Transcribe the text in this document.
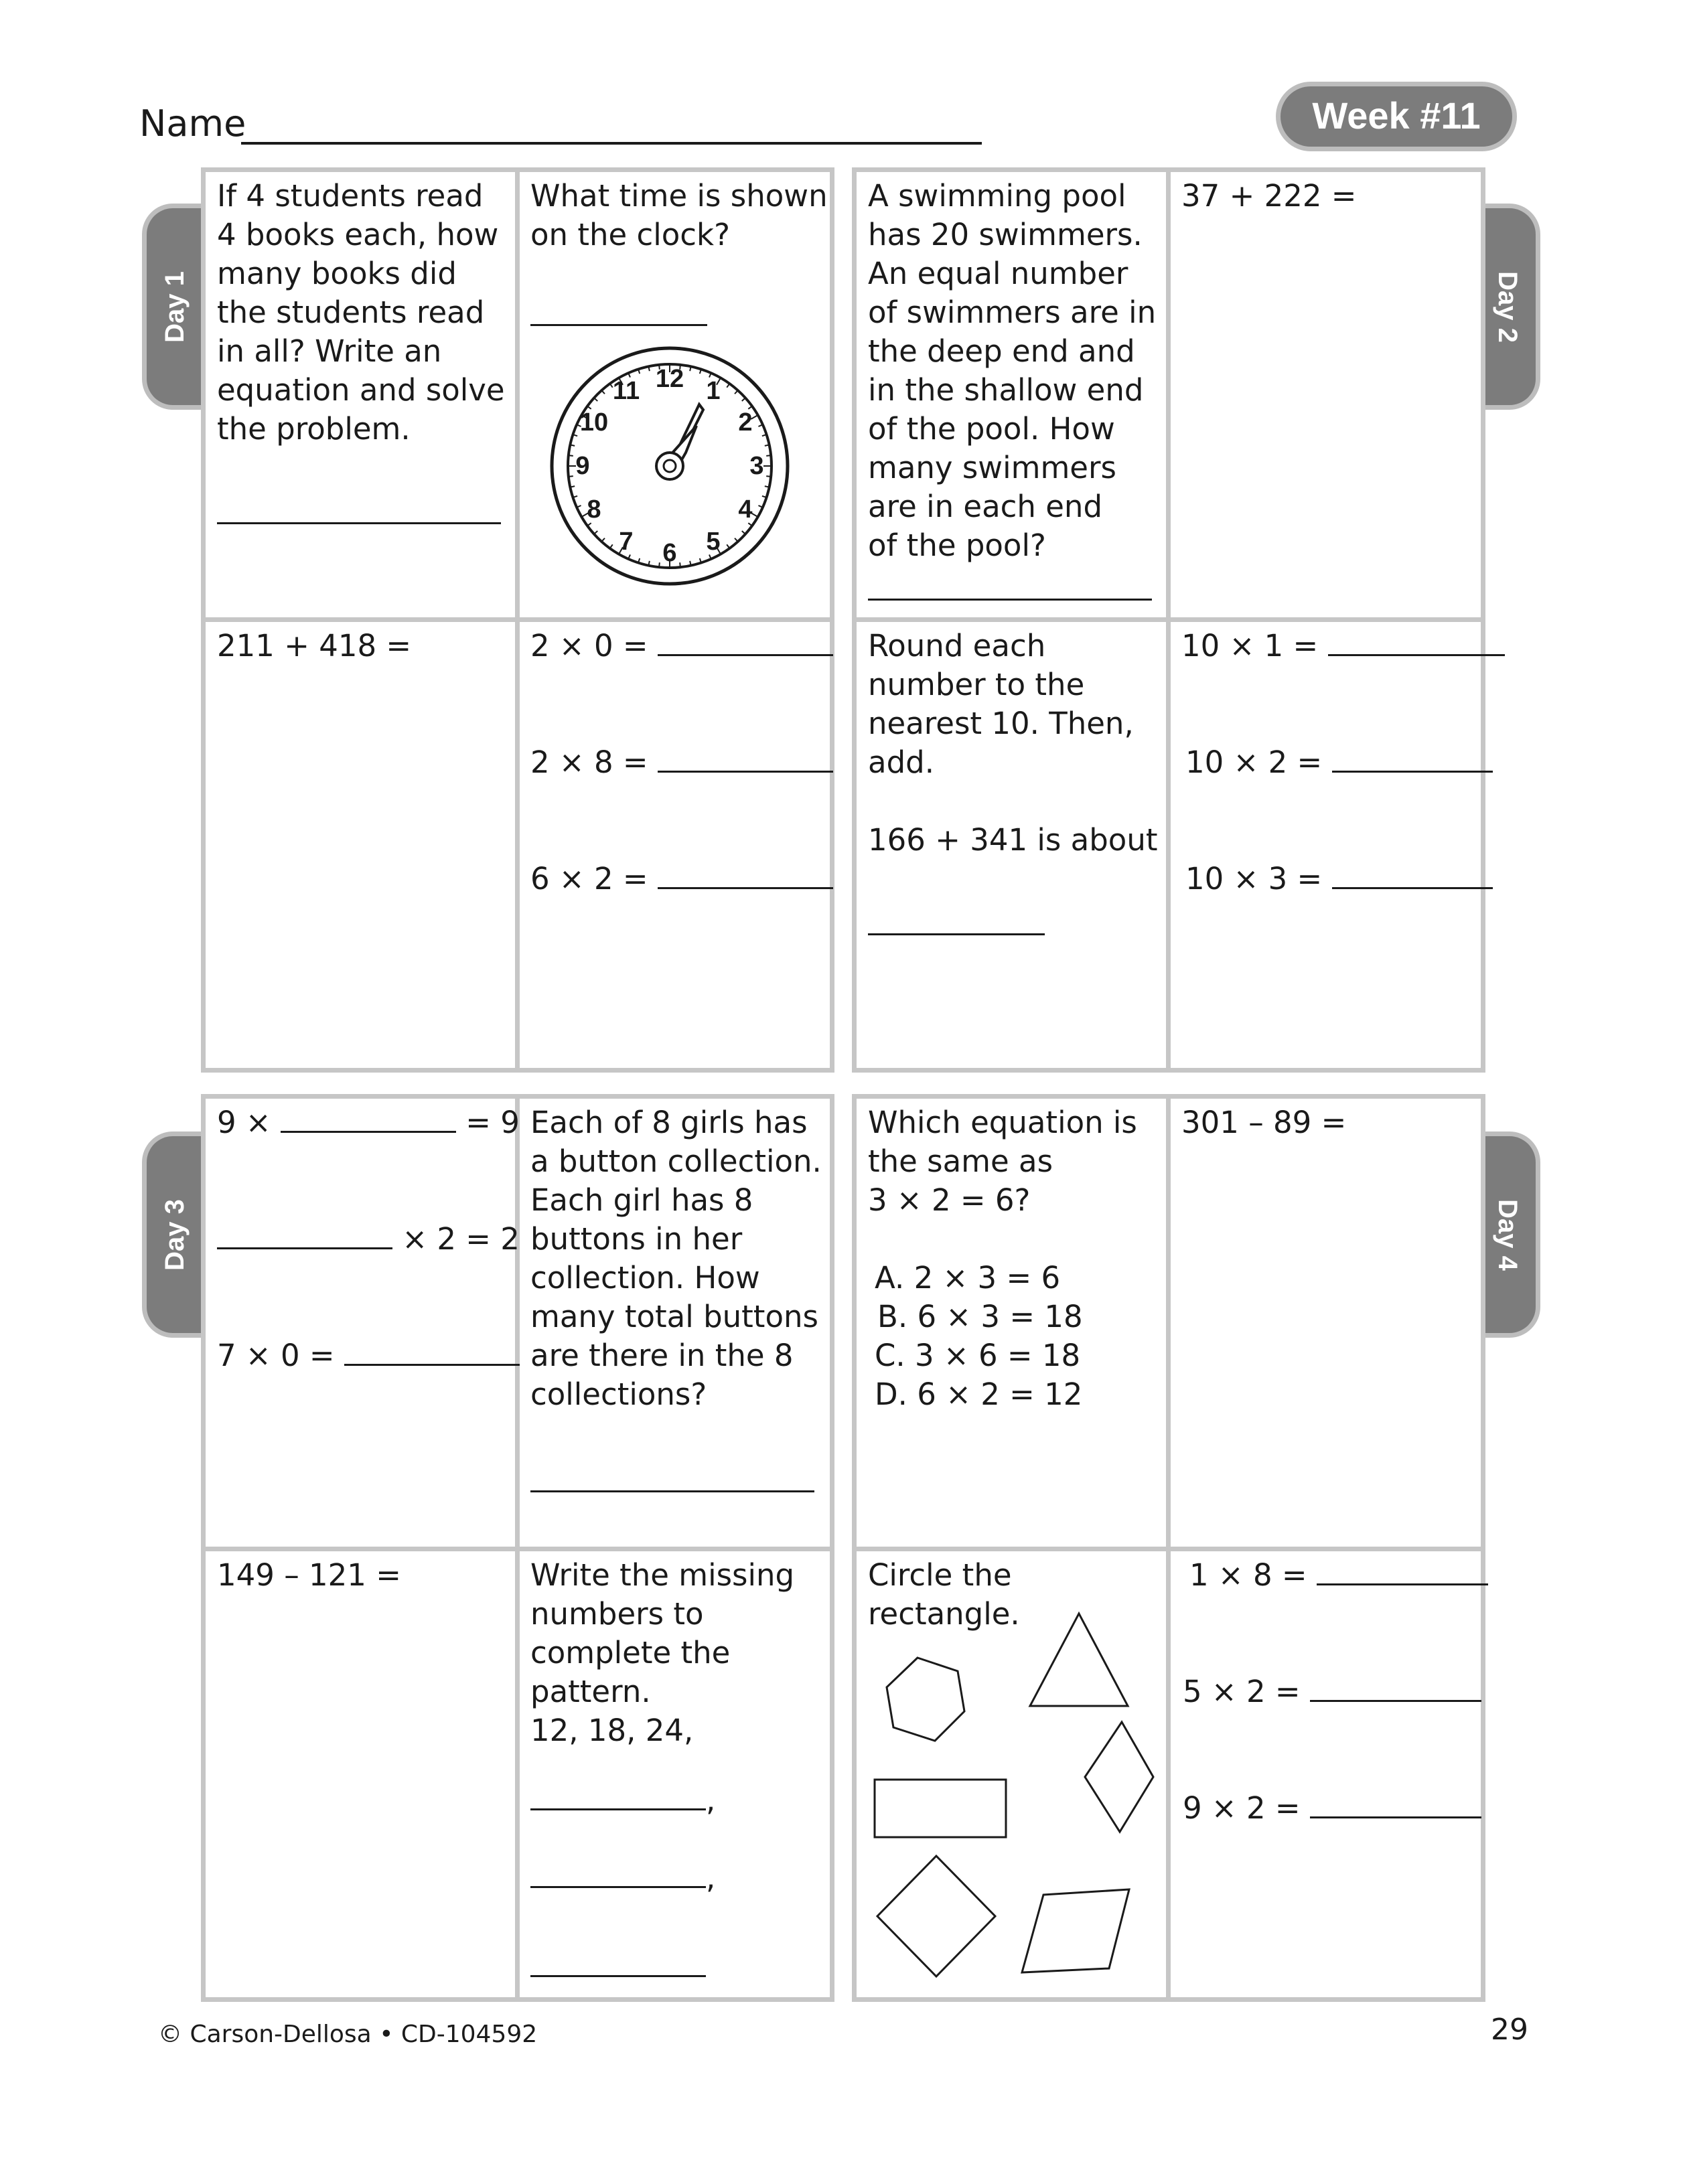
Name	Week #11
Day 1	Day 2
Day 3	Day 4
If 4 students read
4 books each, how
many books did
the students read
in all? Write an
equation and solve
the problem.
What time is shown
on the clock?
12 1
2
3
4
5
6
7
8
9
10
11
211 + 418 =	2 × 0 =
2 × 8 =
6 × 2 =
A swimming pool
has 20 swimmers.
An equal number
of swimmers are in
the deep end and
in the shallow end
of the pool. How
many swimmers
are in each end
of the pool?
37 + 222 =
Round each
number to the
nearest 10. Then,
add.
166 + 341 is about
10 × 1 =
10 × 2 =
10 × 3 =
9 ×	= 9
× 2 = 2
7 × 0 =
Each of 8 girls has
a button collection.
Each girl has 8
buttons in her
collection. How
many total buttons
are there in the 8
collections?
149 – 121 =	Write the missing
numbers to
complete the
pattern.
12, 18, 24,
,
,
Which equation is
the same as
3 × 2 = 6?
A. 2 × 3 = 6
B. 6 × 3 = 18
C. 3 × 6 = 18
D. 6 × 2 = 12
301 – 89 =
Circle the
rectangle.
1 × 8 =
5 × 2 =
9 × 2 =
© Carson-Dellosa • CD-104592	29
